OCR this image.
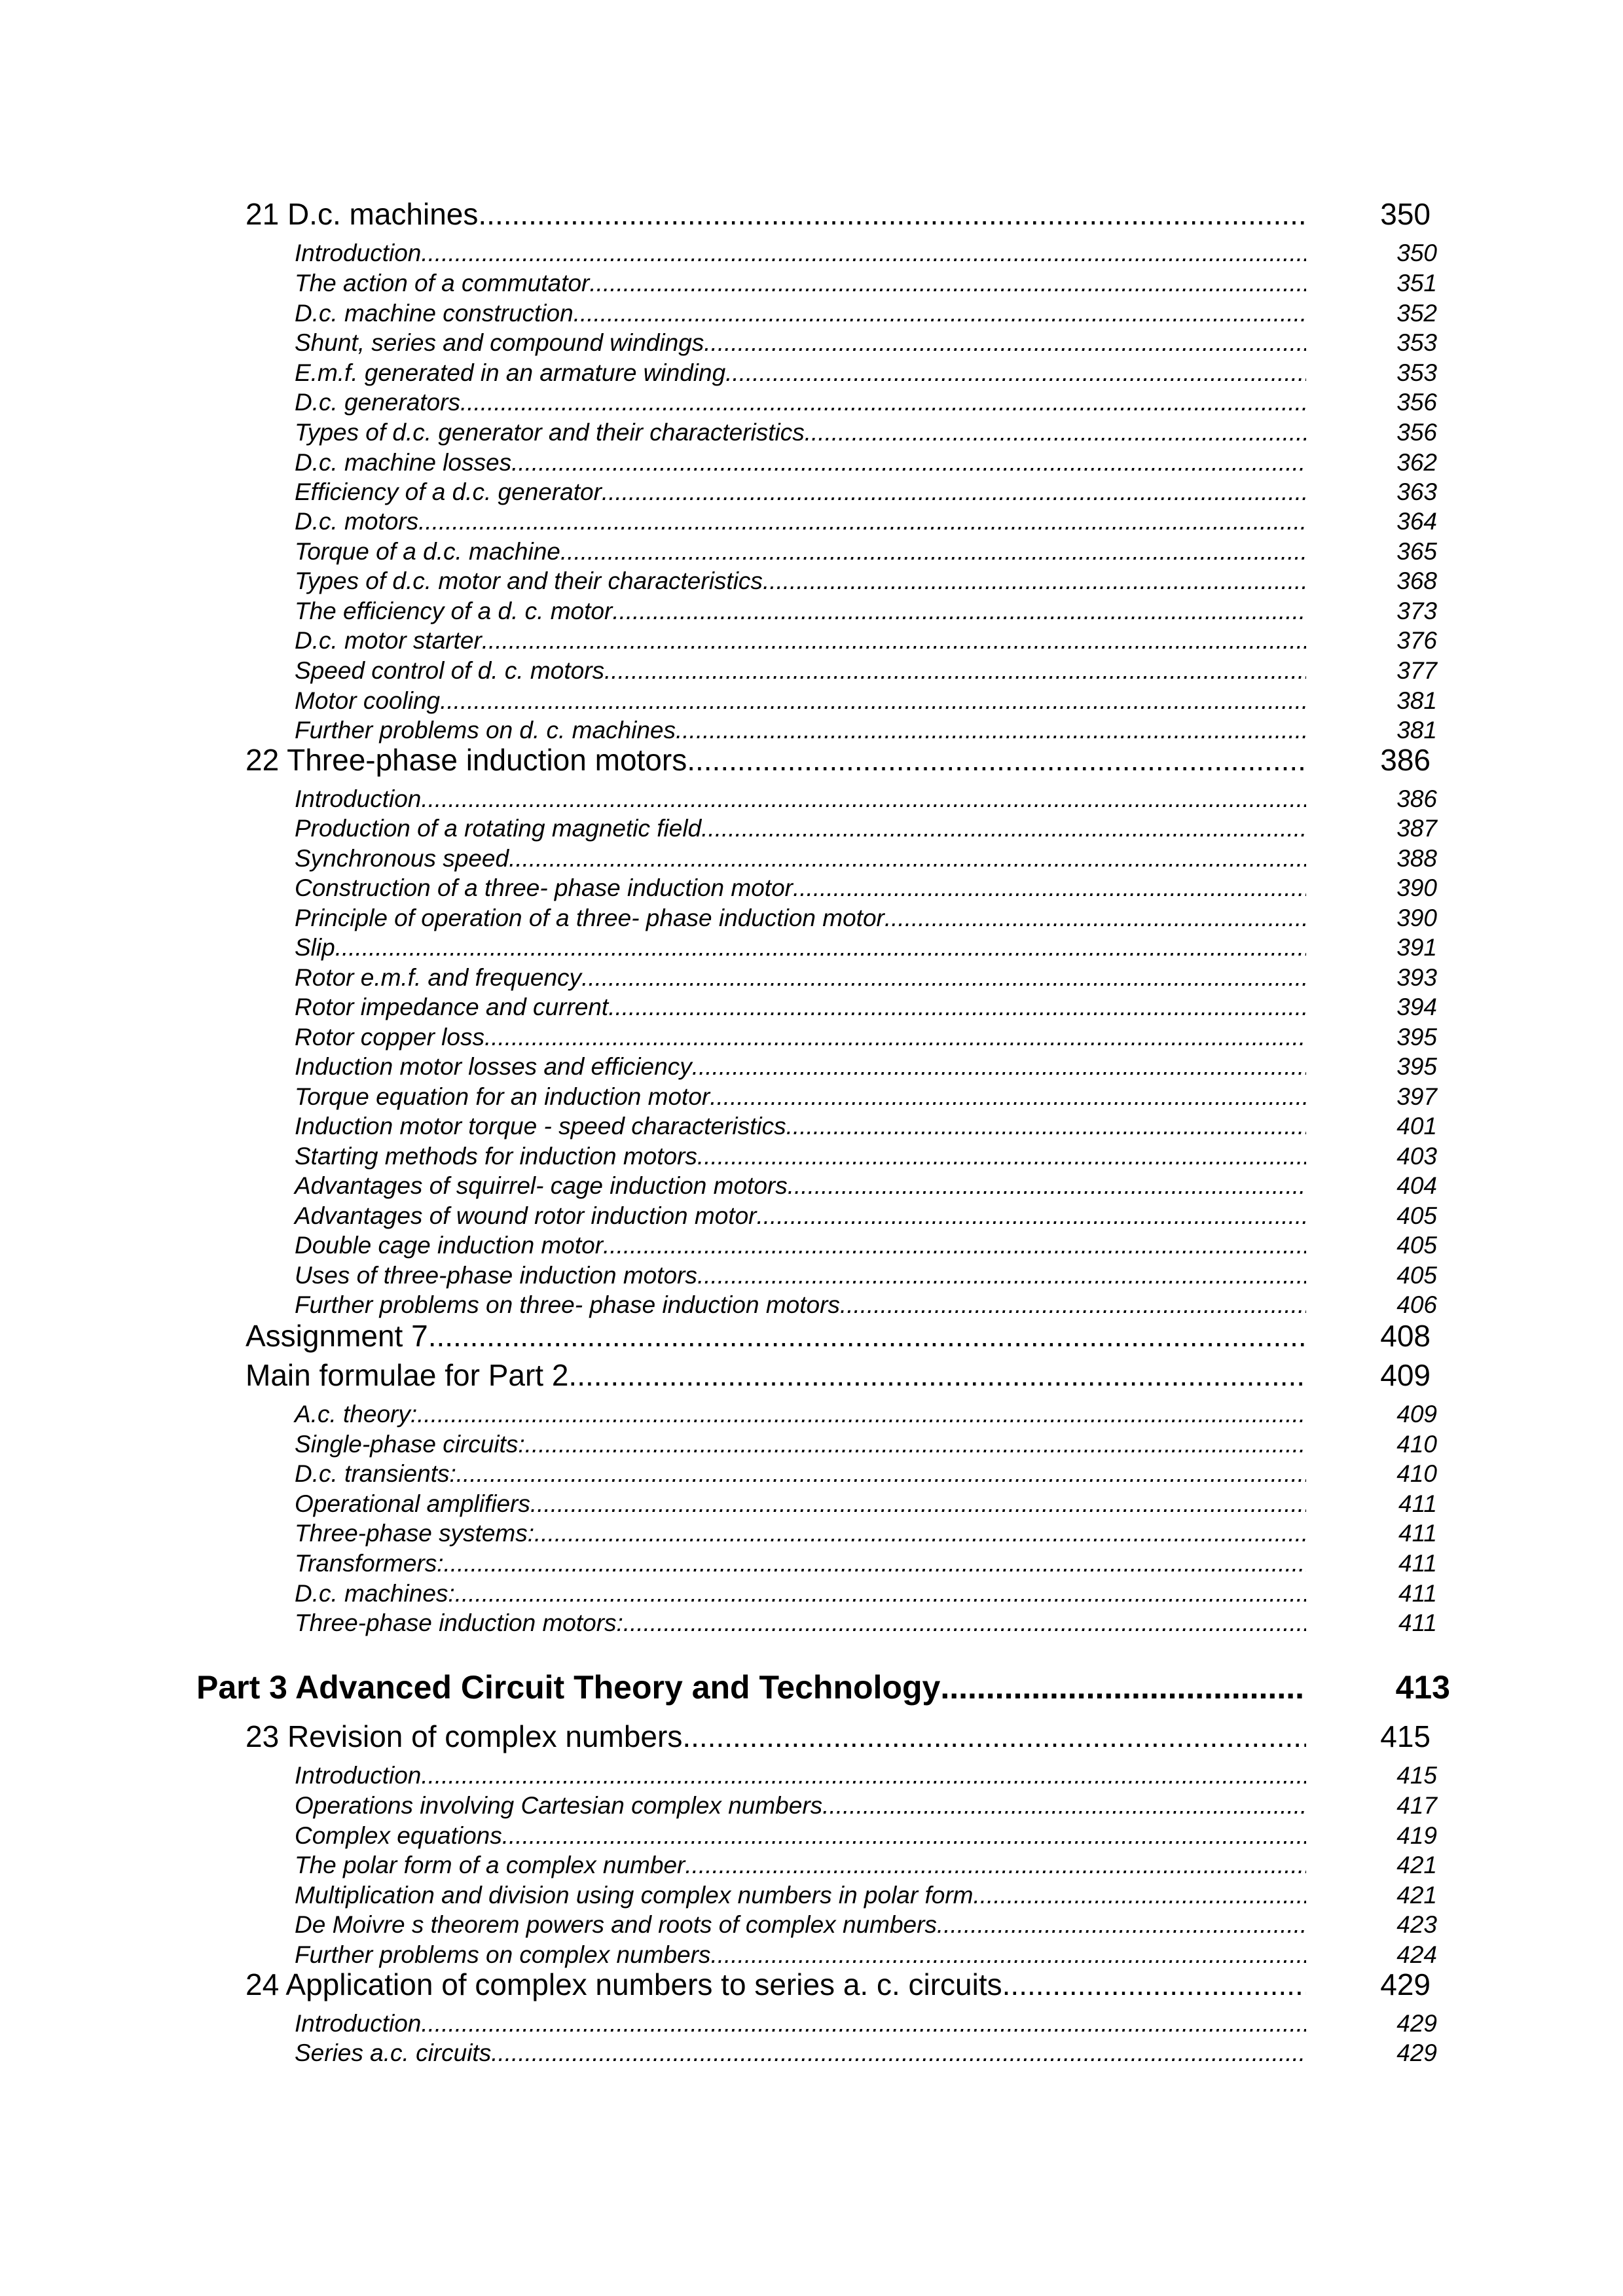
21 D.c. machines .....	350
Introduction .....	350
The action of a commutator .....	351
D.c. machine construction .....	352
Shunt, series and compound windings .....	353
E.m.f. generated in an armature winding .....	353
D.c. generators .....	356
Types of d.c. generator and their characteristics .....	356
D.c. machine losses .....	362
Efficiency of a d.c. generator .....	363
D.c. motors .....	364
Torque of a d.c. machine .....	365
Types of d.c. motor and their characteristics .....	368
The efficiency of a d. c. motor .....	373
D.c. motor starter .....	376
Speed control of d. c. motors .....	377
Motor cooling .....	381
Further problems on d. c. machines .....	381
22 Three-phase induction motors .....	386
Introduction .....	386
Production of a rotating magnetic field .....	387
Synchronous speed .....	388
Construction of a three- phase induction motor .....	390
Principle of operation of a three- phase induction motor .....	390
Slip .....	391
Rotor e.m.f. and frequency .....	393
Rotor impedance and current .....	394
Rotor copper loss .....	395
Induction motor losses and efficiency .....	395
Torque equation for an induction motor .....	397
Induction motor torque - speed characteristics .....	401
Starting methods for induction motors .....	403
Advantages of squirrel- cage induction motors .....	404
Advantages of wound rotor induction motor .....	405
Double cage induction motor .....	405
Uses of three-phase induction motors .....	405
Further problems on three- phase induction motors .....	406
Assignment 7 .....	408
Main formulae for Part 2 .....	409
A.c. theory: .....	409
Single-phase circuits: .....	410
D.c. transients: .....	410
Operational amplifiers .....	411
Three-phase systems: .....	411
Transformers: .....	411
D.c. machines: .....	411
Three-phase induction motors: .....	411
Part 3 Advanced Circuit Theory and Technology .....	413
23 Revision of complex numbers .....	415
Introduction .....	415
Operations involving Cartesian complex numbers .....	417
Complex equations .....	419
The polar form of a complex number .....	421
Multiplication and division using complex numbers in polar form .....	421
De Moivre s theorem powers and roots of complex numbers .....	423
Further problems on complex numbers .....	424
24 Application of complex numbers to series a. c. circuits .....	429
Introduction .....	429
Series a.c. circuits .....	429
